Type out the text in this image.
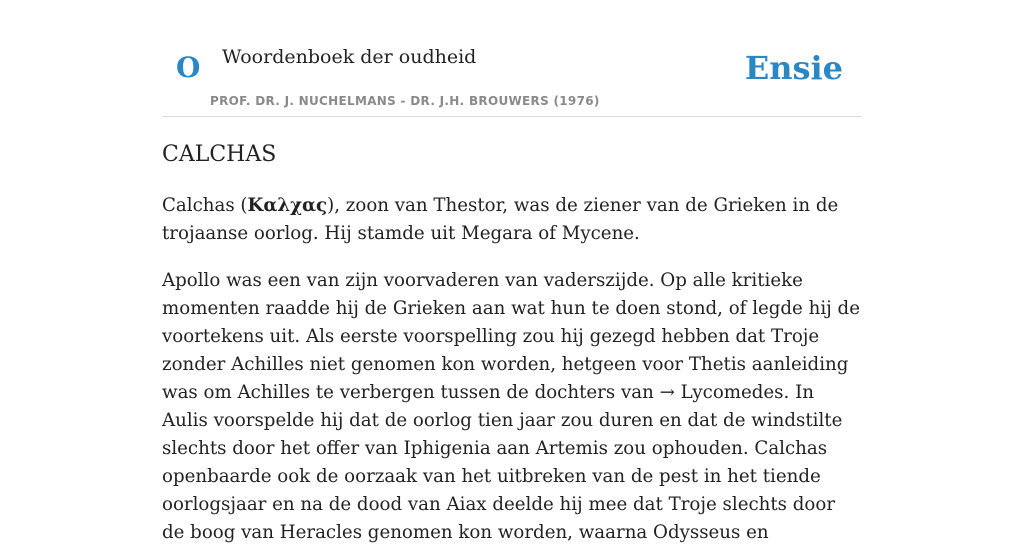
O Woordenboek der oudheid
PROF. DR. J. NUCHELMANS - DR. J.H. BROUWERS (1976)
Ensie
CALCHAS

Calchas (Καλχας), zoon van Thestor, was de ziener van de Grieken in de trojaanse oorlog. Hij stamde uit Megara of Mycene.

Apollo was een van zijn voorvaderen van vaderszijde. Op alle kritieke momenten raadde hij de Grieken aan wat hun te doen stond, of legde hij de voortekens uit. Als eerste voorspelling zou hij gezegd hebben dat Troje zonder Achilles niet genomen kon worden, hetgeen voor Thetis aanleiding was om Achilles te verbergen tussen de dochters van → Lycomedes. In Aulis voorspelde hij dat de oorlog tien jaar zou duren en dat de windstilte slechts door het offer van Iphigenia aan Artemis zou ophouden. Calchas openbaarde ook de oorzaak van het uitbreken van de pest in het tiende oorlogsjaar en na de dood van Aiax deelde hij mee dat Troje slechts door de boog van Heracles genomen kon worden, waarna Odysseus en
